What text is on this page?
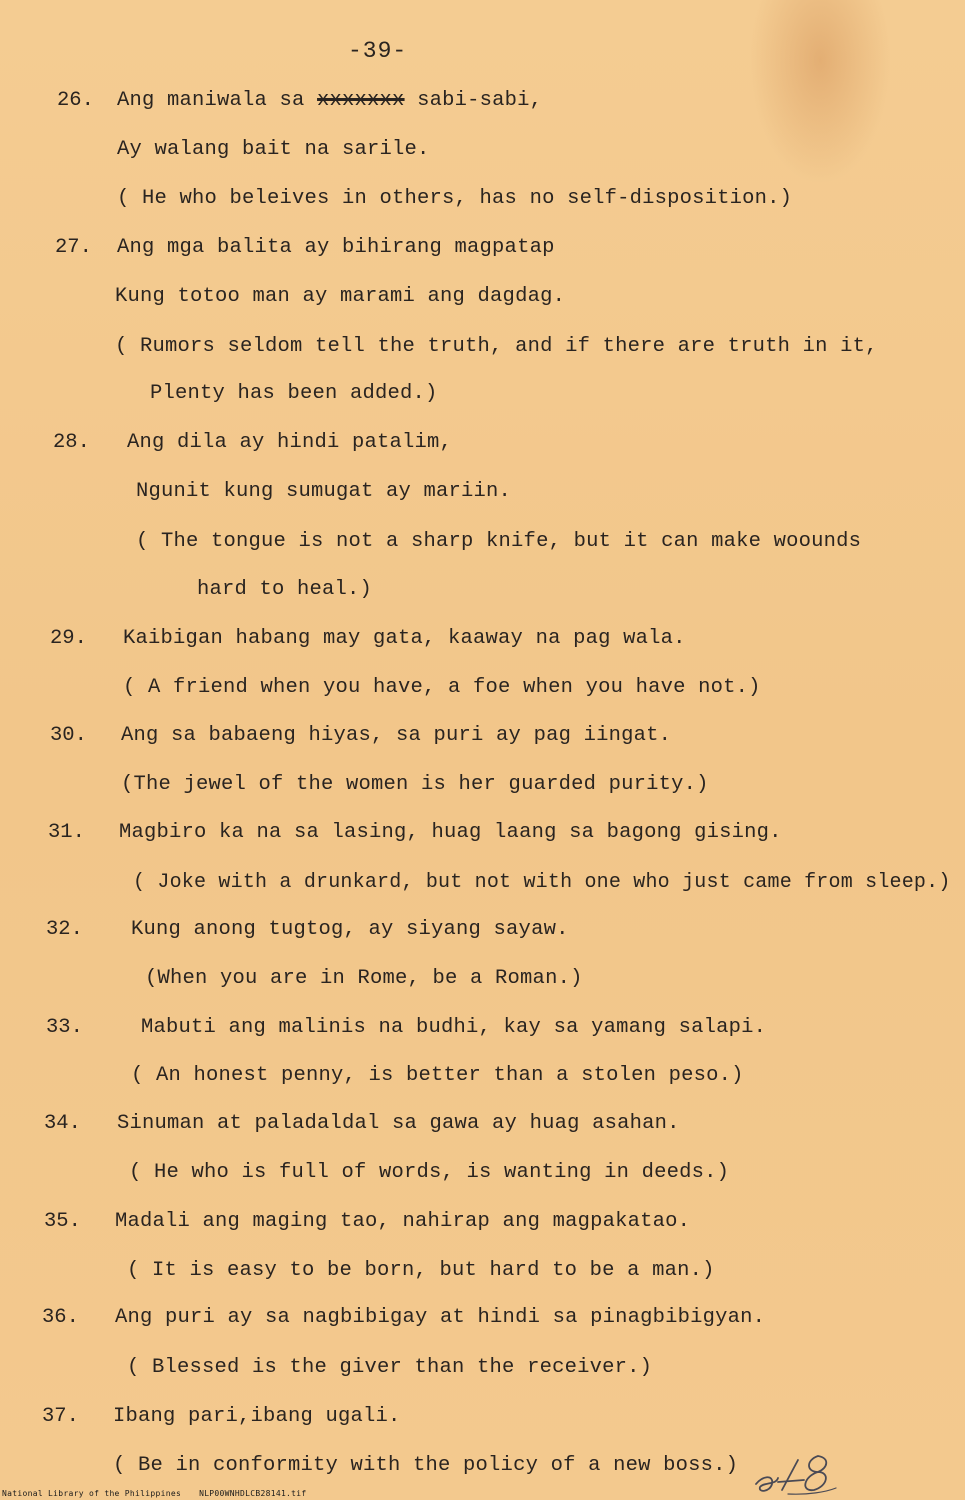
-39-
26. Ang maniwala sa xxxxxxx sabi-sabi,
Ay walang bait na sarile.
( He who beleives in others, has no self-disposition.)
27. Ang mga balita ay bihirang magpatap
Kung totoo man ay marami ang dagdag.
( Rumors seldom tell the truth, and if there are truth in it,
Plenty has been added.)
28. Ang dila ay hindi patalim,
Ngunit kung sumugat ay mariin.
( The tongue is not a sharp knife, but it can make woounds
hard to heal.)
29. Kaibigan habang may gata, kaaway na pag wala.
( A friend when you have, a foe when you have not.)
30. Ang sa babaeng hiyas, sa puri ay pag iingat.
(The jewel of the women is her guarded purity.)
31. Magbiro ka na sa lasing, huag laang sa bagong gising.
( Joke with a drunkard, but not with one who just came from sleep.)
32. Kung anong tugtog, ay siyang sayaw.
(When you are in Rome, be a Roman.)
33.	Mabuti ang malinis na budhi, kay sa yamang salapi.
( An honest penny, is better than a stolen peso.)
34. Sinuman at paladaldal sa gawa ay huag asahan.
( He who is full of words, is wanting in deeds.)
35. Madali ang maging tao, nahirap ang magpakatao.
( It is easy to be born, but hard to be a man.)
36. Ang puri ay sa nagbibigay at hindi sa pinagbibigyan.
( Blessed is the giver than the receiver.)
37. Ibang pari,ibang ugali.
( Be in conformity with the policy of a new boss.)
National Library of the Philippines NLP00WNHDLCB28141.tif
